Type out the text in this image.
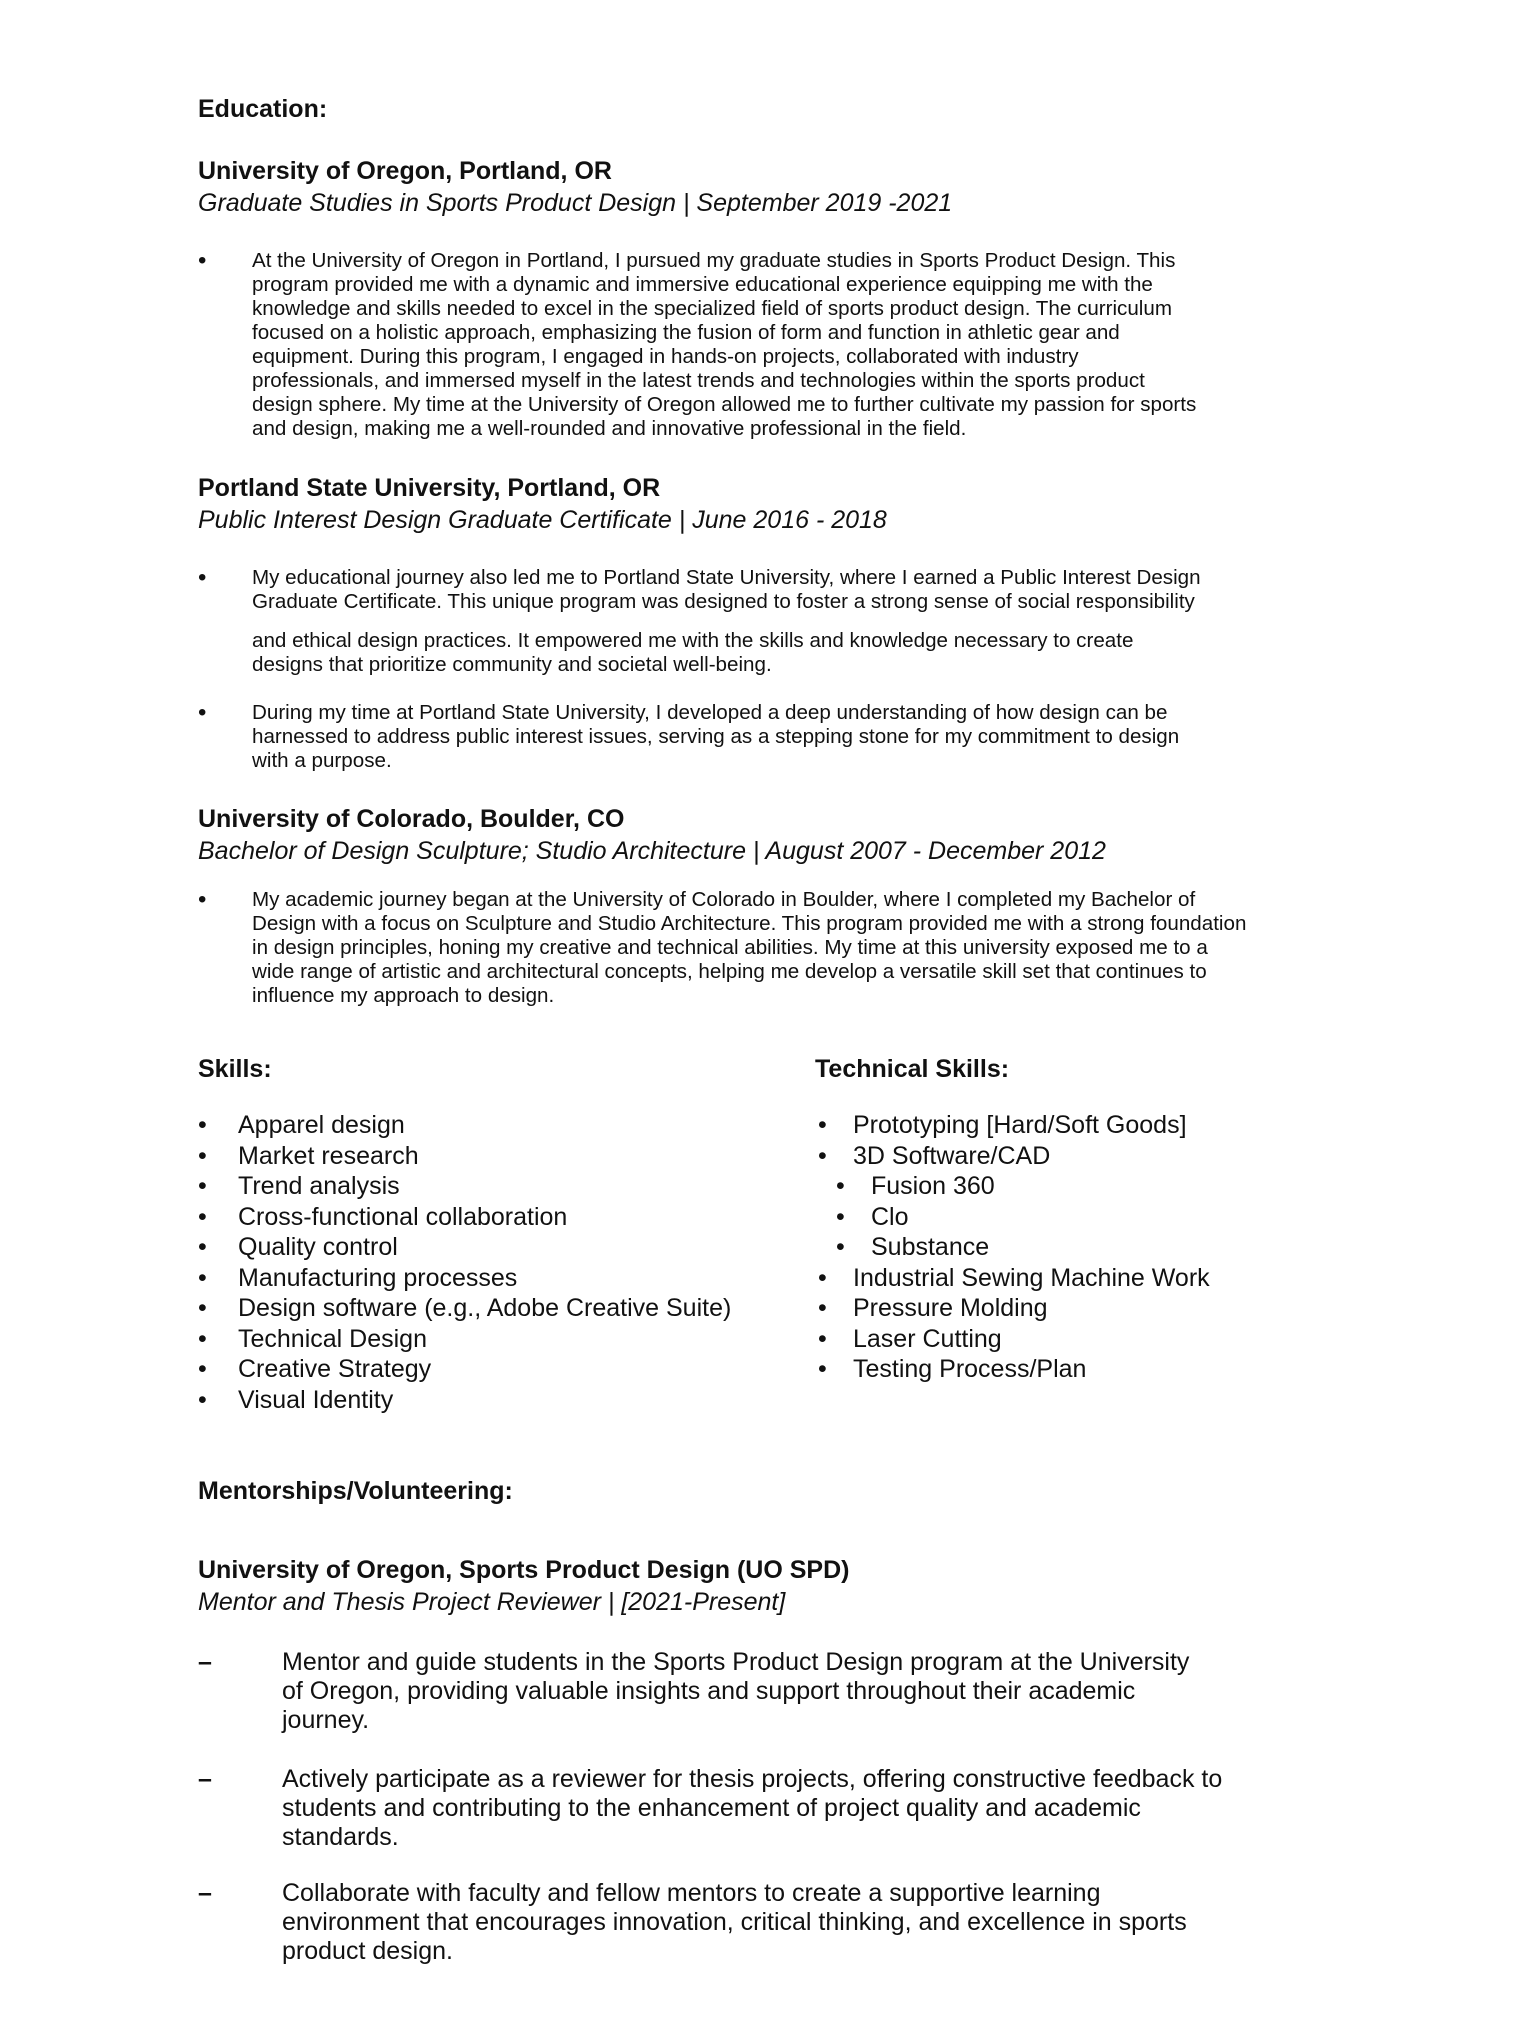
Education:
University of Oregon, Portland, OR
Graduate Studies in Sports Product Design | September 2019 -2021
• At the University of Oregon in Portland, I pursued my graduate studies in Sports Product Design. This
program provided me with a dynamic and immersive educational experience equipping me with the
knowledge and skills needed to excel in the specialized field of sports product design. The curriculum
focused on a holistic approach, emphasizing the fusion of form and function in athletic gear and
equipment. During this program, I engaged in hands-on projects, collaborated with industry
professionals, and immersed myself in the latest trends and technologies within the sports product
design sphere. My time at the University of Oregon allowed me to further cultivate my passion for sports
and design, making me a well-rounded and innovative professional in the field.
Portland State University, Portland, OR
Public Interest Design Graduate Certificate | June 2016 - 2018
• My educational journey also led me to Portland State University, where I earned a Public Interest Design
Graduate Certificate. This unique program was designed to foster a strong sense of social responsibility
and ethical design practices. It empowered me with the skills and knowledge necessary to create
designs that prioritize community and societal well-being.
• During my time at Portland State University, I developed a deep understanding of how design can be
harnessed to address public interest issues, serving as a stepping stone for my commitment to design
with a purpose.
University of Colorado, Boulder, CO
Bachelor of Design Sculpture; Studio Architecture | August 2007 - December 2012
• My academic journey began at the University of Colorado in Boulder, where I completed my Bachelor of
Design with a focus on Sculpture and Studio Architecture. This program provided me with a strong foundation
in design principles, honing my creative and technical abilities. My time at this university exposed me to a
wide range of artistic and architectural concepts, helping me develop a versatile skill set that continues to
influence my approach to design.
Skills:
• Apparel design
• Market research
• Trend analysis
• Cross-functional collaboration
• Quality control
• Manufacturing processes
• Design software (e.g., Adobe Creative Suite)
• Technical Design
• Creative Strategy
• Visual Identity
Technical Skills:
• Prototyping [Hard/Soft Goods]
• 3D Software/CAD
• Fusion 360
• Clo
• Substance
• Industrial Sewing Machine Work
• Pressure Molding
• Laser Cutting
• Testing Process/Plan
Mentorships/Volunteering:
University of Oregon, Sports Product Design (UO SPD)
Mentor and Thesis Project Reviewer | [2021-Present]
–	Mentor and guide students in the Sports Product Design program at the University
of Oregon, providing valuable insights and support throughout their academic
journey.
–	Actively participate as a reviewer for thesis projects, offering constructive feedback to
students and contributing to the enhancement of project quality and academic
standards.
–	Collaborate with faculty and fellow mentors to create a supportive learning
environment that encourages innovation, critical thinking, and excellence in sports
product design.
